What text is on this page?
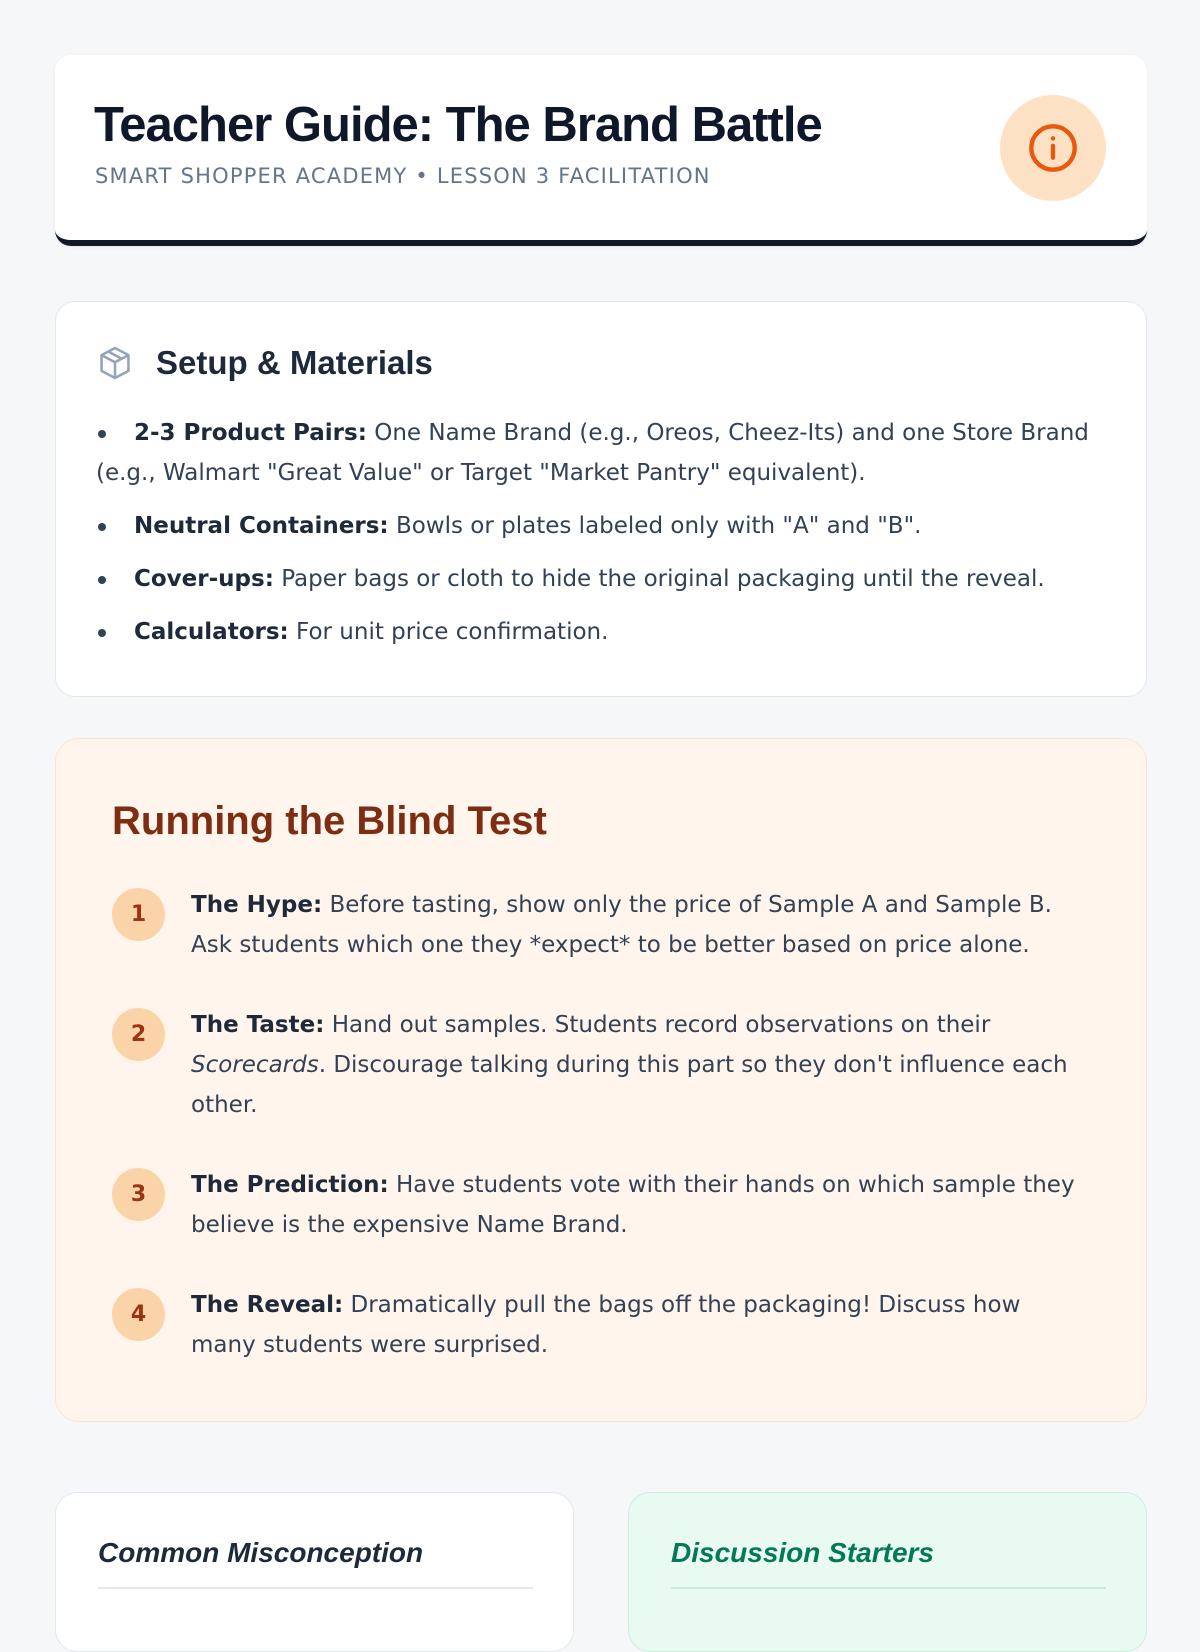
Teacher Guide: The Brand Battle
SMART SHOPPER ACADEMY • LESSON 3 FACILITATION
Setup & Materials
2-3 Product Pairs: One Name Brand (e.g., Oreos, Cheez-Its) and one Store Brand (e.g., Walmart "Great Value" or Target "Market Pantry" equivalent).
Neutral Containers: Bowls or plates labeled only with "A" and "B".
Cover-ups: Paper bags or cloth to hide the original packaging until the reveal.
Calculators: For unit price confirmation.
Running the Blind Test
1	The Hype: Before tasting, show only the price of Sample A and Sample B. Ask students which one they *expect* to be better based on price alone.

2	The Taste: Hand out samples. Students record observations on their Scorecards. Discourage talking during this part so they don't influence each other.

3	The Prediction: Have students vote with their hands on which sample they believe is the expensive Name Brand.

4	The Reveal: Dramatically pull the bags off the packaging! Discuss how many students were surprised.

Common Misconception	Discussion Starters
